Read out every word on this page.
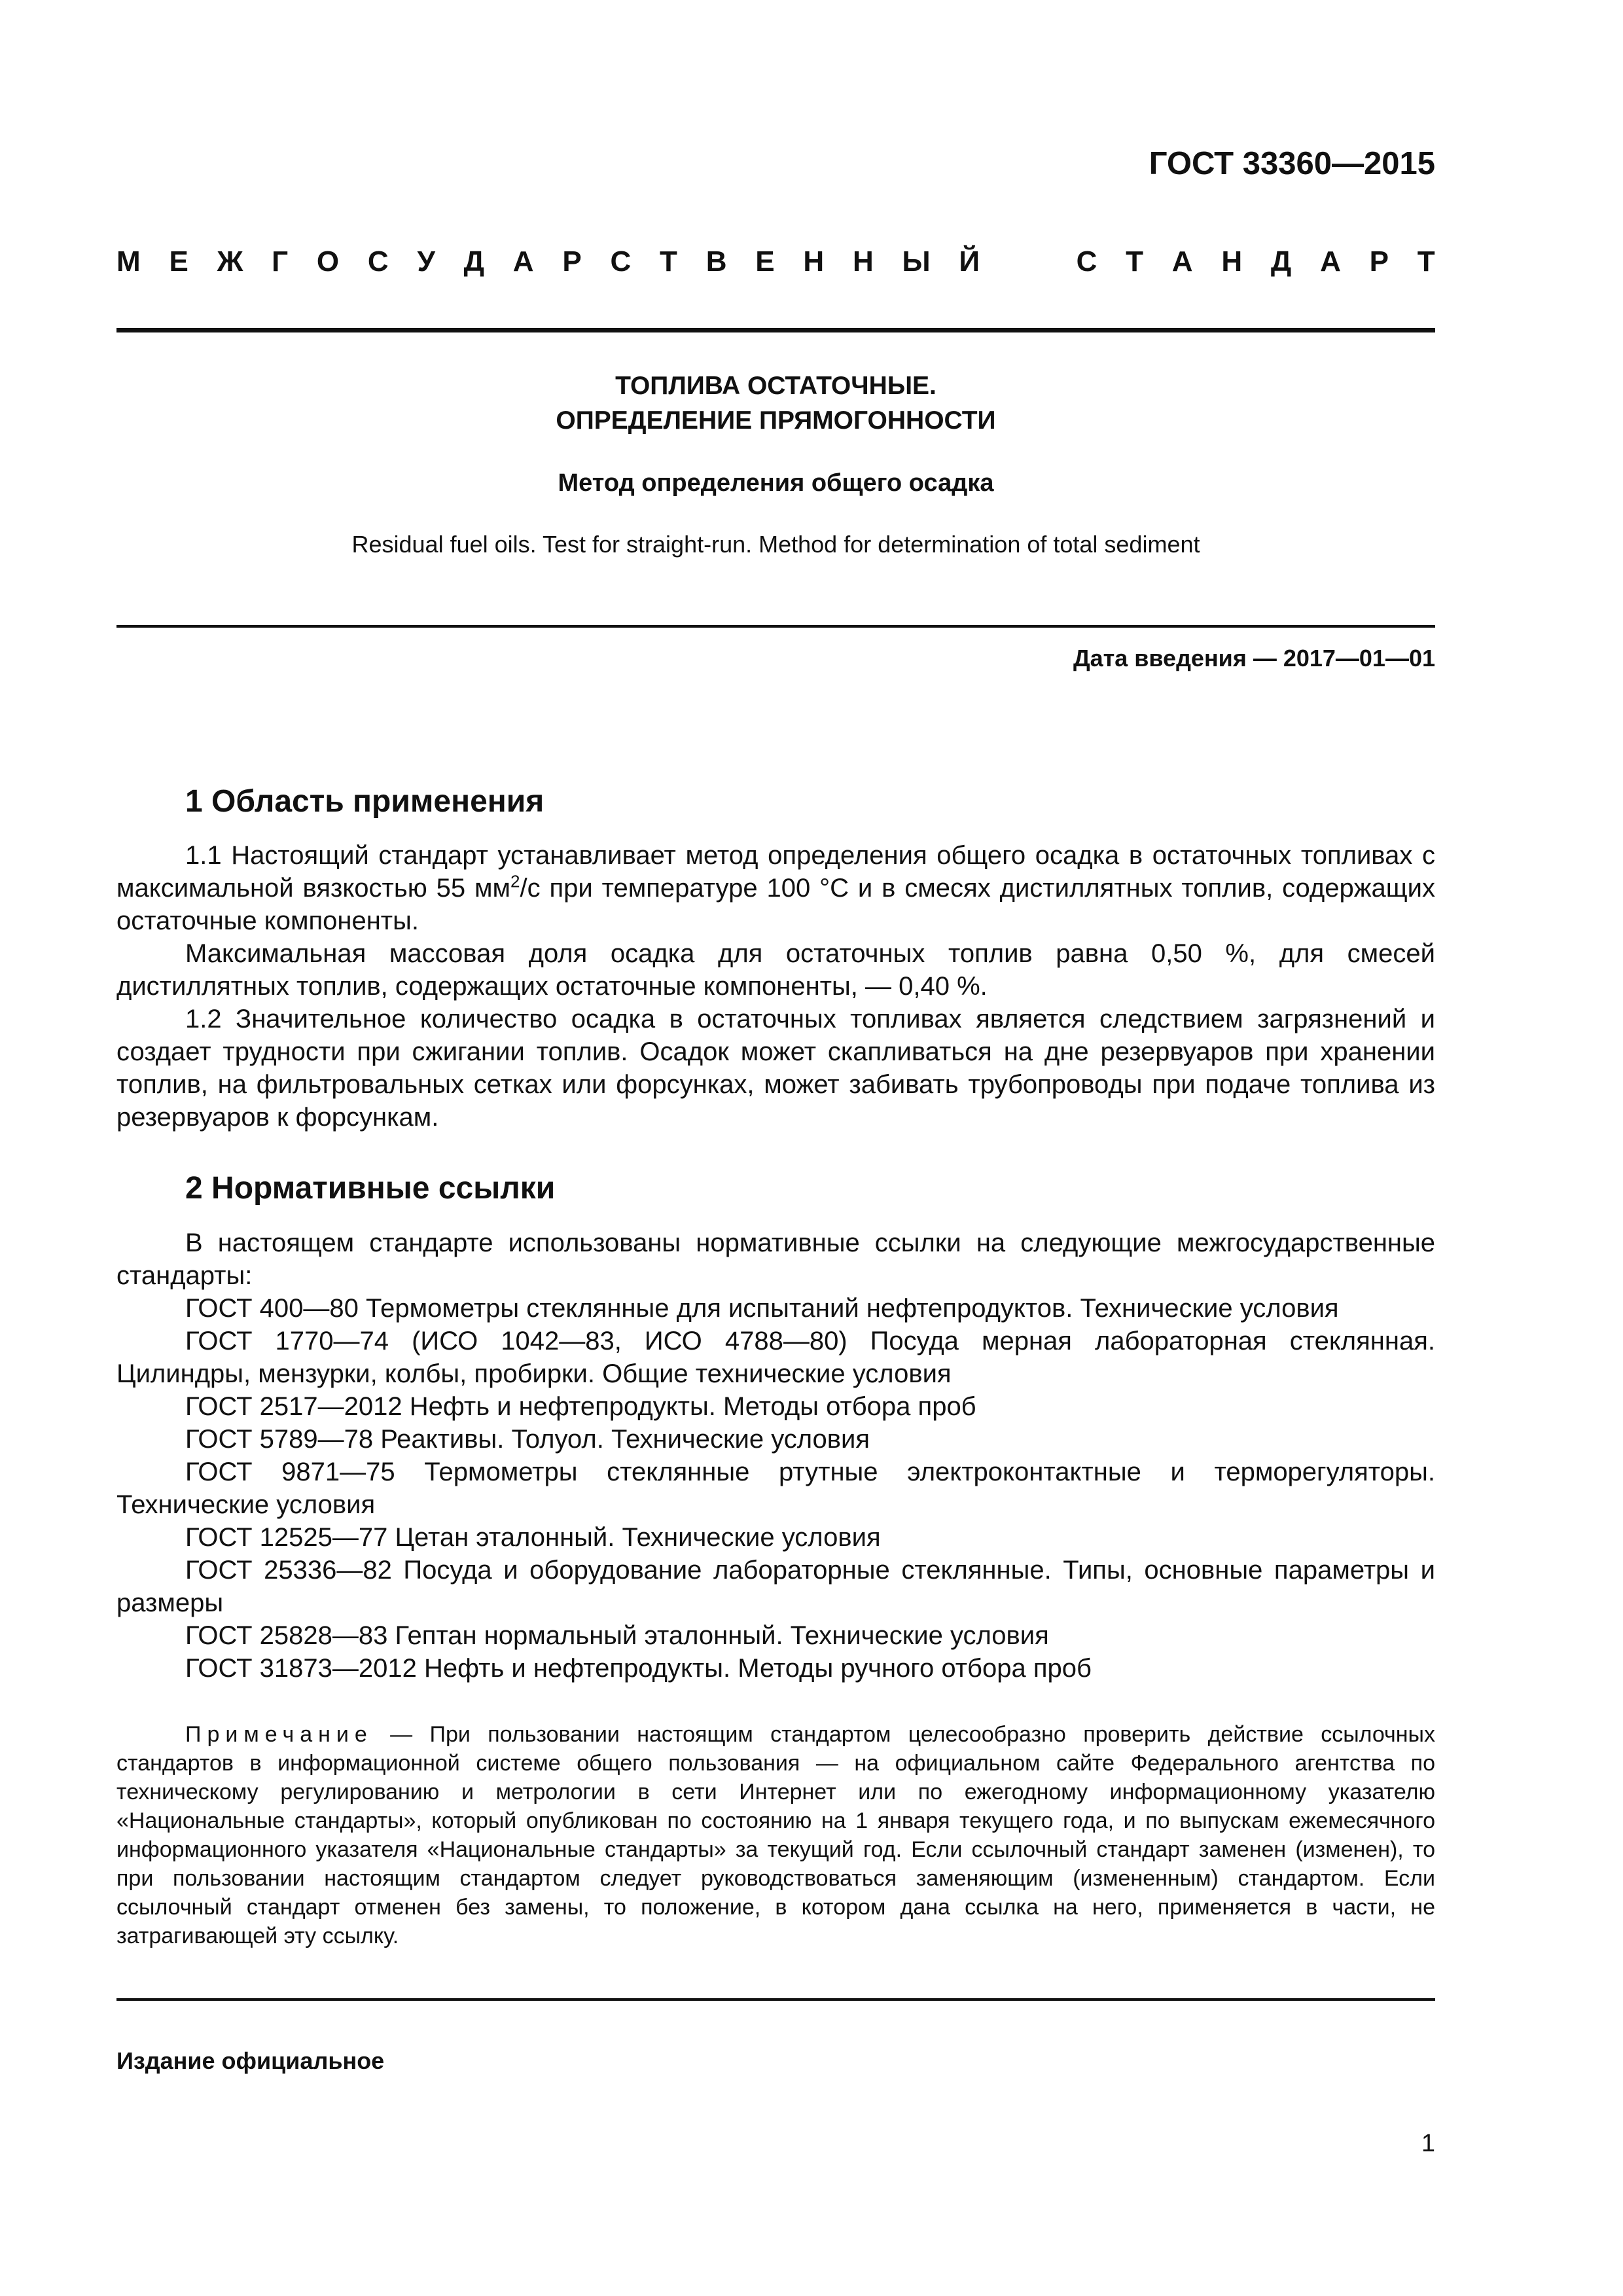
ГОСТ 33360—2015
М Е Ж Г О С У Д А Р С Т В Е Н Н Ы Й	С Т А Н Д А Р Т
ТОПЛИВА ОСТАТОЧНЫЕ.
ОПРЕДЕЛЕНИЕ ПРЯМОГОННОСТИ
Метод определения общего осадка
Residual fuel oils. Test for straight-run. Method for determination of total sediment
Дата введения — 2017—01—01
1 Область применения

1.1 Настоящий стандарт устанавливает метод определения общего осадка в остаточных топливах с максимальной вязкостью 55 $мм^2/с$ при температуре 100 °С и в смесях дистиллятных топлив, содержащих остаточные компоненты.

Максимальная массовая доля осадка для остаточных топлив равна 0,50 %, для смесей дистиллятных топлив, содержащих остаточные компоненты, — 0,40 %.

1.2 Значительное количество осадка в остаточных топливах является следствием загрязнений и создает трудности при сжигании топлив. Осадок может скапливаться на дне резервуаров при хранении топлив, на фильтровальных сетках или форсунках, может забивать трубопроводы при подаче топлива из резервуаров к форсункам.

2 Нормативные ссылки

В настоящем стандарте использованы нормативные ссылки на следующие межгосударственные стандарты:

ГОСТ 400—80 Термометры стеклянные для испытаний нефтепродуктов. Технические условия

ГОСТ 1770—74 (ИСО 1042—83, ИСО 4788—80) Посуда мерная лабораторная стеклянная. Цилиндры, мензурки, колбы, пробирки. Общие технические условия

ГОСТ 2517—2012 Нефть и нефтепродукты. Методы отбора проб

ГОСТ 5789—78 Реактивы. Толуол. Технические условия

ГОСТ 9871—75 Термометры стеклянные ртутные электроконтактные и терморегуляторы. Технические условия

ГОСТ 12525—77 Цетан эталонный. Технические условия

ГОСТ 25336—82 Посуда и оборудование лабораторные стеклянные. Типы, основные параметры и размеры

ГОСТ 25828—83 Гептан нормальный эталонный. Технические условия

ГОСТ 31873—2012 Нефть и нефтепродукты. Методы ручного отбора проб

Примечание — При пользовании настоящим стандартом целесообразно проверить действие ссылочных стандартов в информационной системе общего пользования — на официальном сайте Федерального агентства по техническому регулированию и метрологии в сети Интернет или по ежегодному информационному указателю «Национальные стандарты», который опубликован по состоянию на 1 января текущего года, и по выпускам ежемесячного информационного указателя «Национальные стандарты» за текущий год. Если ссылочный стандарт заменен (изменен), то при пользовании настоящим стандартом следует руководствоваться заменяющим (измененным) стандартом. Если ссылочный стандарт отменен без замены, то положение, в котором дана ссылка на него, применяется в части, не затрагивающей эту ссылку.

Издание официальное
1
